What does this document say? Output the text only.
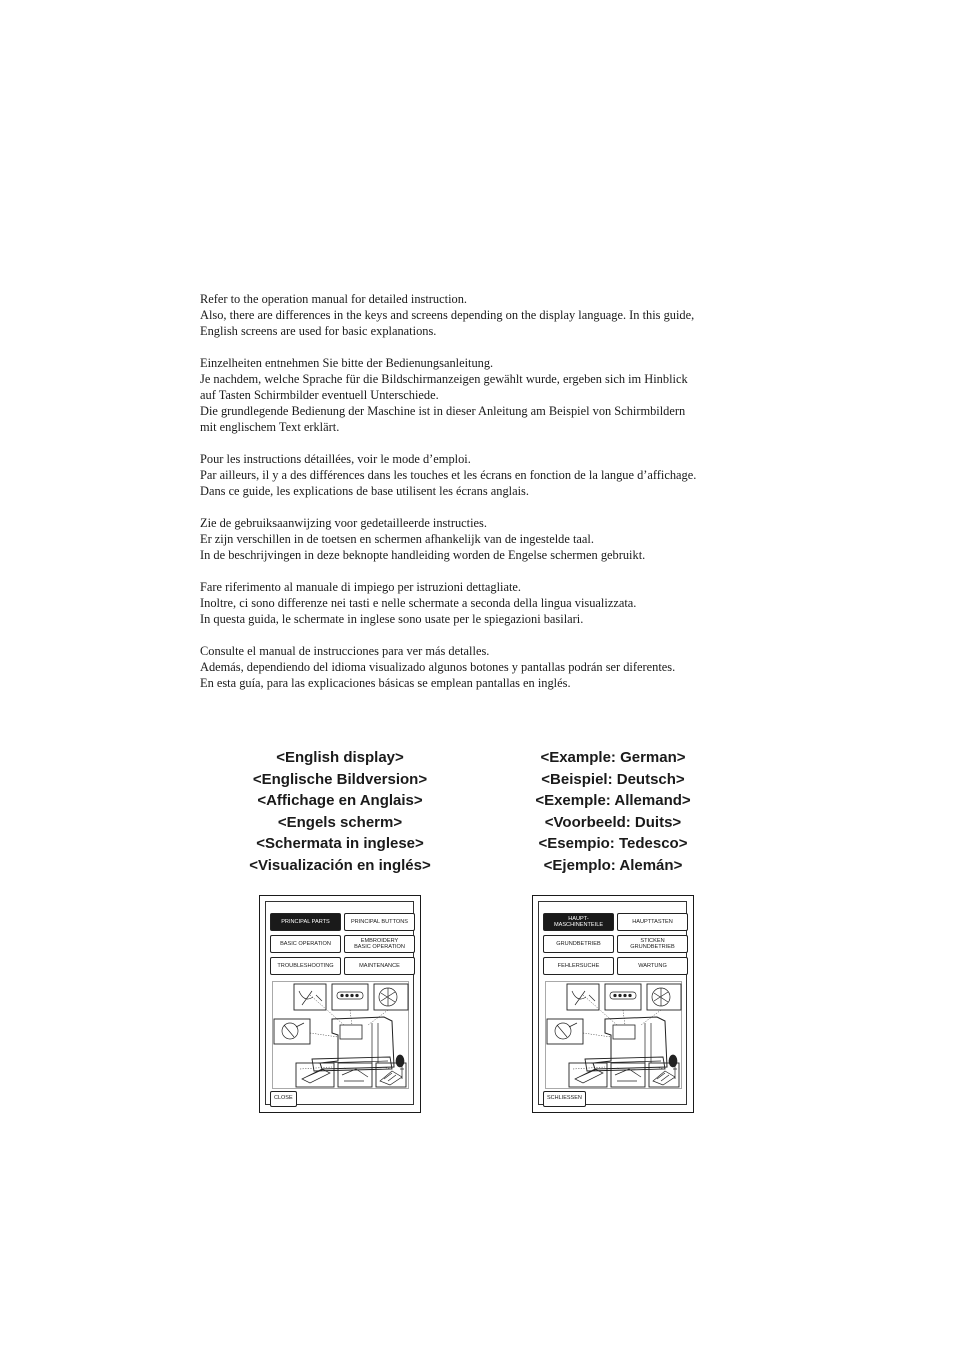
Refer to the operation manual for detailed instruction.
Also, there are differences in the keys and screens depending on the display language. In this guide,
English screens are used for basic explanations.
Einzelheiten entnehmen Sie bitte der Bedienungsanleitung.
Je nachdem, welche Sprache für die Bildschirmanzeigen gewählt wurde, ergeben sich im Hinblick
auf Tasten Schirmbilder eventuell Unterschiede.
Die grundlegende Bedienung der Maschine ist in dieser Anleitung am Beispiel von Schirmbildern
mit englischem Text erklärt.
Pour les instructions détaillées, voir le mode d’emploi.
Par ailleurs, il y a des différences dans les touches et les écrans en fonction de la langue d’affichage.
Dans ce guide, les explications de base utilisent les écrans anglais.
Zie de gebruiksaanwijzing voor gedetailleerde instructies.
Er zijn verschillen in de toetsen en schermen afhankelijk van de ingestelde taal.
In de beschrijvingen in deze beknopte handleiding worden de Engelse schermen gebruikt.
Fare riferimento al manuale di impiego per istruzioni dettagliate.
Inoltre, ci sono differenze nei tasti e nelle schermate a seconda della lingua visualizzata.
In questa guida, le schermate in inglese sono usate per le spiegazioni basilari.
Consulte el manual de instrucciones para ver más detalles.
Además, dependiendo del idioma visualizado algunos botones y pantallas podrán ser diferentes.
En esta guía, para las explicaciones básicas se emplean pantallas en inglés.
<English display>
<Englische Bildversion>
<Affichage en Anglais>
<Engels scherm>
<Schermata in inglese>
<Visualización en inglés>
<Example: German>
<Beispiel: Deutsch>
<Exemple: Allemand>
<Voorbeeld: Duits>
<Esempio: Tedesco>
<Ejemplo: Alemán>
PRINCIPAL PARTS	PRINCIPAL BUTTONS
BASIC OPERATION	EMBROIDERY
BASIC OPERATION
TROUBLESHOOTING	MAINTENANCE
CLOSE
HAUPT-
MASCHINENTEILE	HAUPTTASTEN
GRUNDBETRIEB	STICKEN
GRUNDBETRIEB
FEHLERSUCHE	WARTUNG
SCHLIESSEN
